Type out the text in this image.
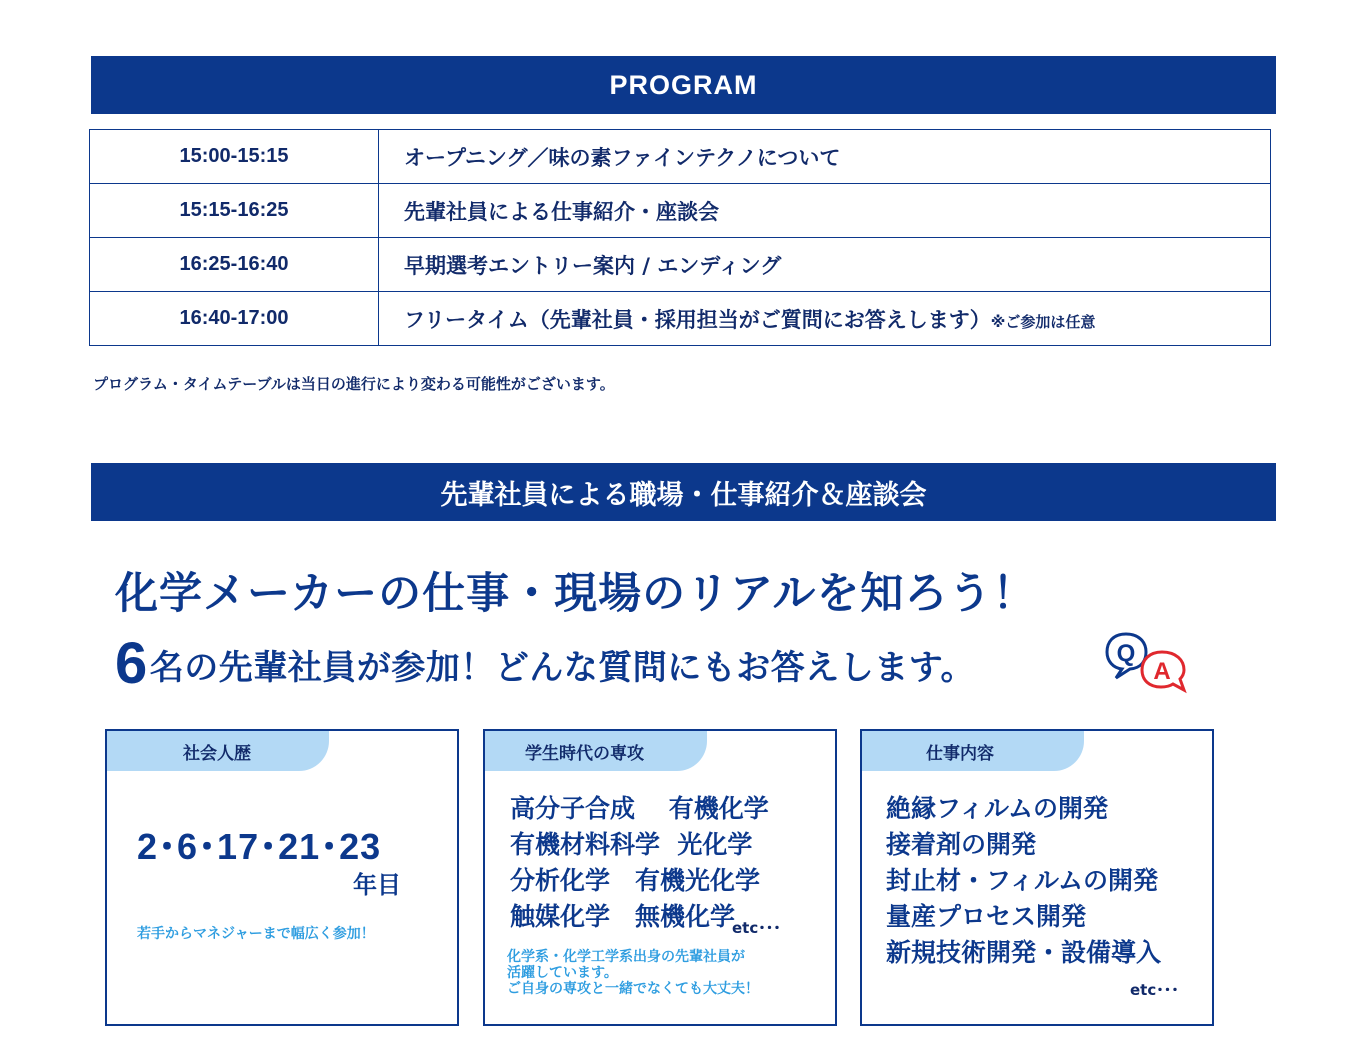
PROGRAM
15:00-15:15	オープニング／味の素ファインテクノについて
15:15-16:25	先輩社員による仕事紹介・座談会
16:25-16:40	早期選考エントリー案内 / エンディング
16:40-17:00	フリータイム（先輩社員・採用担当がご質問にお答えします）※ご参加は任意
プログラム・タイムテーブルは当日の進行により変わる可能性がございます。
先輩社員による職場・仕事紹介＆座談会
化学メーカーの仕事・現場のリアルを知ろう！
6名の先輩社員が参加！どんな質問にもお答えします。	Q
A
社会人歴
2･6･17･21･23
年目
若手からマネジャーまで幅広く参加！
学生時代の専攻
高分子合成　 有機化学
有機材料科学  光化学
分析化学　有機光化学
触媒化学　無機化学
etc･･･
化学系・化学工学系出身の先輩社員が
活躍しています。
ご自身の専攻と一緒でなくても大丈夫！
仕事内容
絶縁フィルムの開発
接着剤の開発
封止材・フィルムの開発
量産プロセス開発
新規技術開発・設備導入
etc･･･
